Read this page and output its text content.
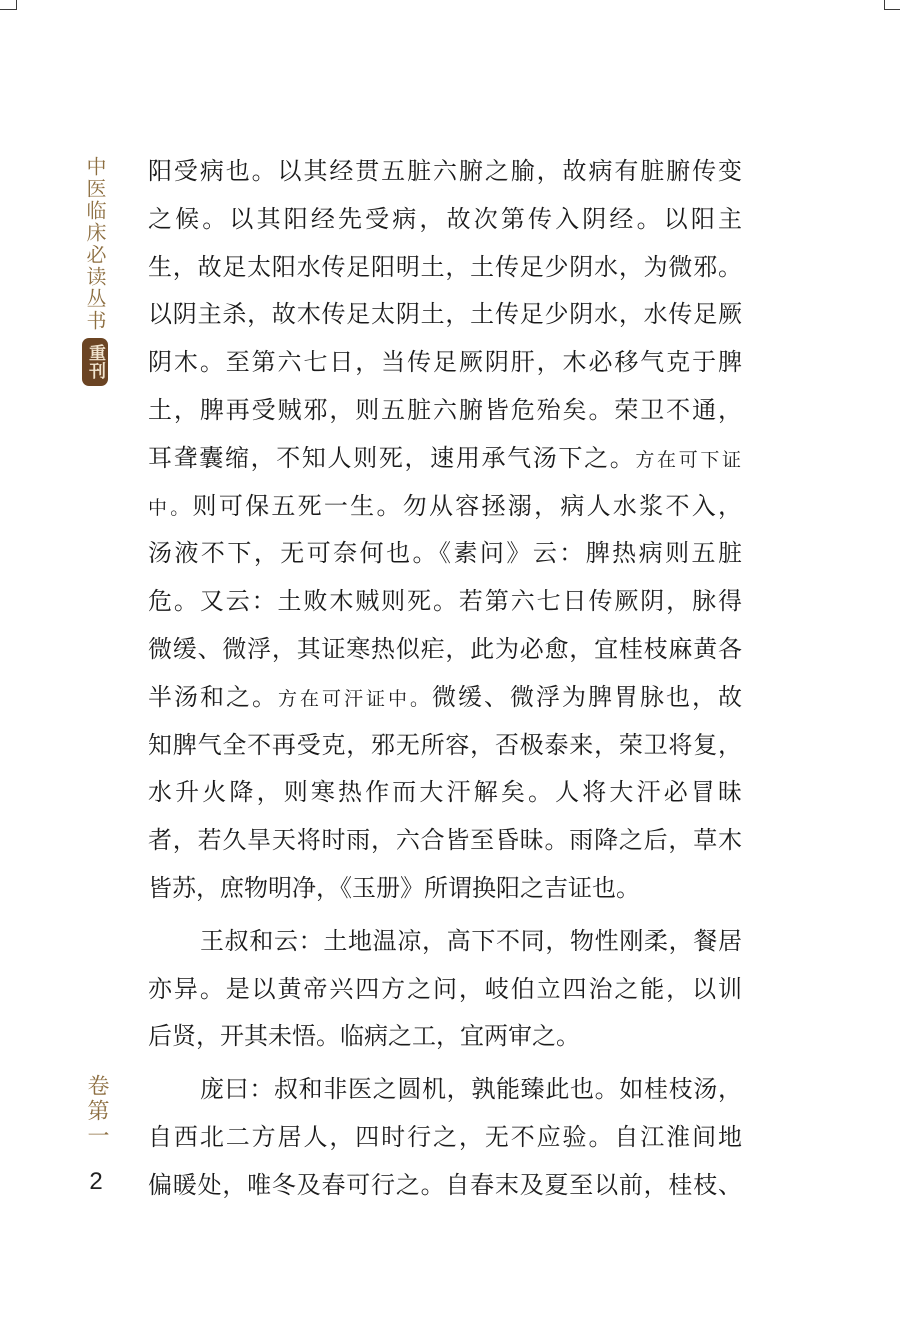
中医临床必读丛书
重刊
阳受病也。以其经贯五脏六腑之腧，故病有脏腑传变
之候。以其阳经先受病，故次第传入阴经。以阳主
生，故足太阳水传足阳明土，土传足少阴水，为微邪。
以阴主杀，故木传足太阴土，土传足少阴水，水传足厥
阴木。至第六七日，当传足厥阴肝，木必移气克于脾
土，脾再受贼邪，则五脏六腑皆危殆矣。荣卫不通，
耳聋囊缩，不知人则死，速用承气汤下之。方在可下证
中。则可保五死一生。勿从容拯溺，病人水浆不入，
汤液不下，无可奈何也。《素问》云：脾热病则五脏
危。又云：土败木贼则死。若第六七日传厥阴，脉得
微缓、微浮，其证寒热似疟，此为必愈，宜桂枝麻黄各
半汤和之。方在可汗证中。微缓、微浮为脾胃脉也，故
知脾气全不再受克，邪无所容，否极泰来，荣卫将复，
水升火降，则寒热作而大汗解矣。人将大汗必冒昧
者，若久旱天将时雨，六合皆至昏昧。雨降之后，草木
皆苏，庶物明净，《玉册》所谓换阳之吉证也。
王叔和云：土地温凉，高下不同，物性刚柔，餐居
亦异。是以黄帝兴四方之问，岐伯立四治之能，以训
后贤，开其未悟。临病之工，宜两审之。
庞曰：叔和非医之圆机，孰能臻此也。如桂枝汤，
自西北二方居人，四时行之，无不应验。自江淮间地
偏暖处，唯冬及春可行之。自春末及夏至以前，桂枝、
卷第一
2
